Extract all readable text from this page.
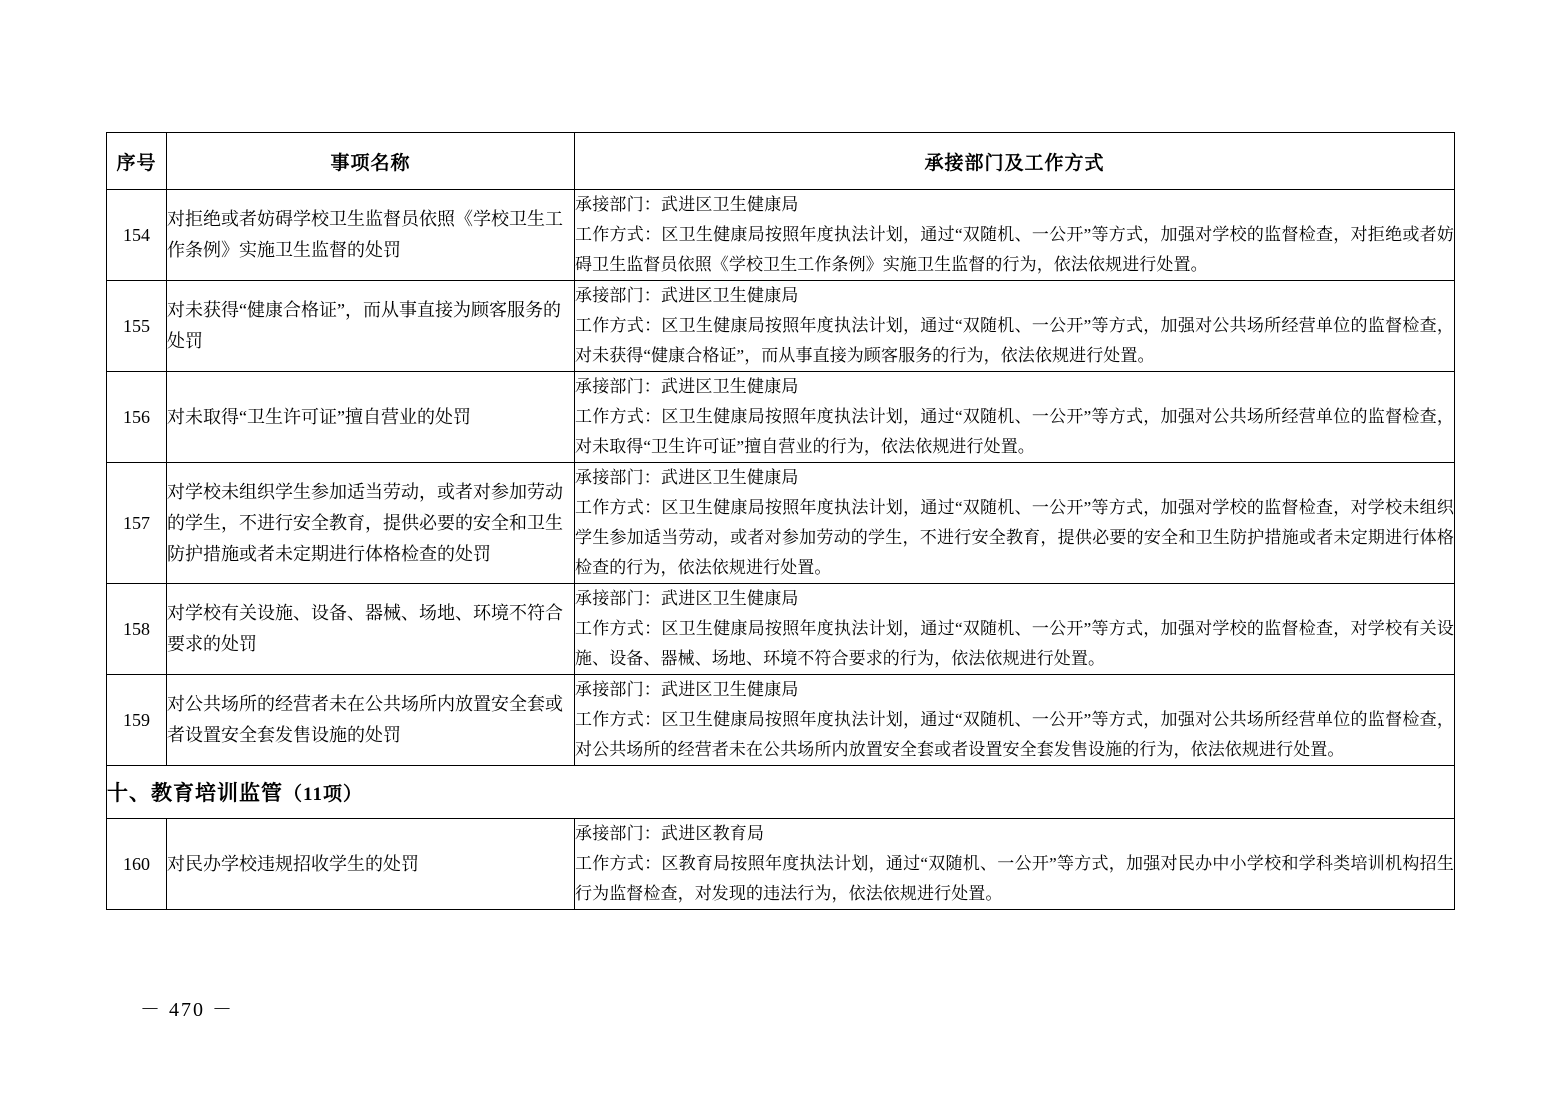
序号	事项名称	承接部门及工作方式
154	对拒绝或者妨碍学校卫生监督员依照《学校卫生工作条例》实施卫生监督的处罚	承接部门：武进区卫生健康局
工作方式：区卫生健康局按照年度执法计划，通过“双随机、一公开”等方式，加强对学校的监督检查，对拒绝或者妨碍卫生监督员依照《学校卫生工作条例》实施卫生监督的行为，依法依规进行处置。

155	对未获得“健康合格证”，而从事直接为顾客服务的处罚	承接部门：武进区卫生健康局
工作方式：区卫生健康局按照年度执法计划，通过“双随机、一公开”等方式，加强对公共场所经营单位的监督检查，对未获得“健康合格证”，而从事直接为顾客服务的行为，依法依规进行处置。

156	对未取得“卫生许可证”擅自营业的处罚	承接部门：武进区卫生健康局
工作方式：区卫生健康局按照年度执法计划，通过“双随机、一公开”等方式，加强对公共场所经营单位的监督检查，对未取得“卫生许可证”擅自营业的行为，依法依规进行处置。

157	对学校未组织学生参加适当劳动，或者对参加劳动的学生，不进行安全教育，提供必要的安全和卫生防护措施或者未定期进行体格检查的处罚	承接部门：武进区卫生健康局
工作方式：区卫生健康局按照年度执法计划，通过“双随机、一公开”等方式，加强对学校的监督检查，对学校未组织学生参加适当劳动，或者对参加劳动的学生，不进行安全教育，提供必要的安全和卫生防护措施或者未定期进行体格检查的行为，依法依规进行处置。

158	对学校有关设施、设备、器械、场地、环境不符合要求的处罚	承接部门：武进区卫生健康局
工作方式：区卫生健康局按照年度执法计划，通过“双随机、一公开”等方式，加强对学校的监督检查，对学校有关设施、设备、器械、场地、环境不符合要求的行为，依法依规进行处置。

159	对公共场所的经营者未在公共场所内放置安全套或者设置安全套发售设施的处罚	承接部门：武进区卫生健康局
工作方式：区卫生健康局按照年度执法计划，通过“双随机、一公开”等方式，加强对公共场所经营单位的监督检查，对公共场所的经营者未在公共场所内放置安全套或者设置安全套发售设施的行为，依法依规进行处置。

十、教育培训监管（11项）		
160	对民办学校违规招收学生的处罚	承接部门：武进区教育局
工作方式：区教育局按照年度执法计划，通过“双随机、一公开”等方式，加强对民办中小学校和学科类培训机构招生行为监督检查，对发现的违法行为，依法依规进行处置。
－ 470 －
